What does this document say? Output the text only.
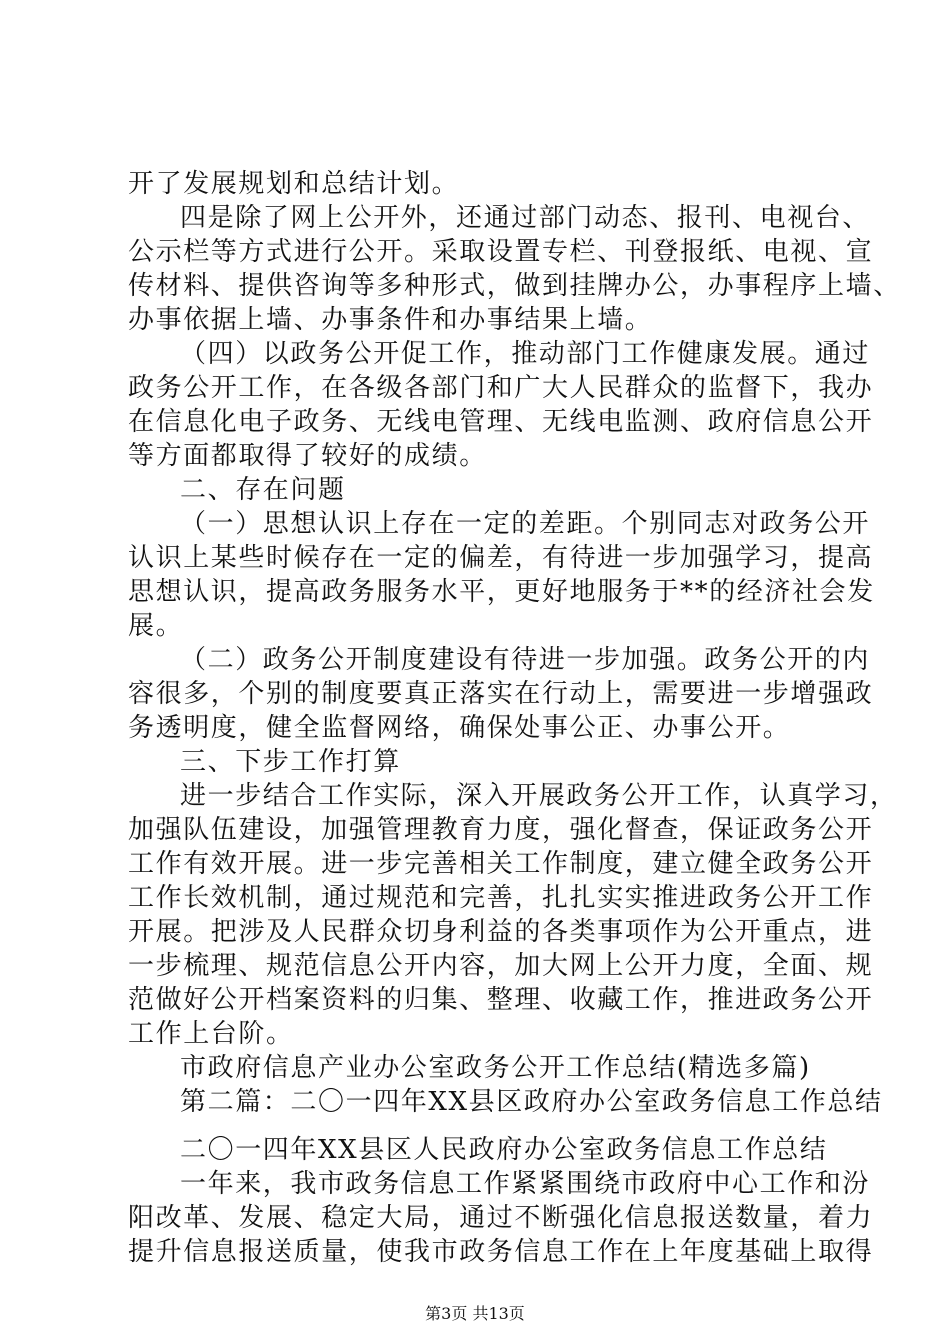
开了发展规划和总结计划。
四是除了网上公开外，还通过部门动态、报刊、电视台、
公示栏等方式进行公开。采取设置专栏、刊登报纸、电视、宣
传材料、提供咨询等多种形式，做到挂牌办公，办事程序上墙、
办事依据上墙、办事条件和办事结果上墙。
（四）以政务公开促工作，推动部门工作健康发展。通过
政务公开工作，在各级各部门和广大人民群众的监督下，我办
在信息化电子政务、无线电管理、无线电监测、政府信息公开
等方面都取得了较好的成绩。
二、存在问题
（一）思想认识上存在一定的差距。个别同志对政务公开
认识上某些时候存在一定的偏差，有待进一步加强学习，提高
思想认识，提高政务服务水平，更好地服务于**的经济社会发
展。
（二）政务公开制度建设有待进一步加强。政务公开的内
容很多，个别的制度要真正落实在行动上，需要进一步增强政
务透明度，健全监督网络，确保处事公正、办事公开。
三、下步工作打算
进一步结合工作实际，深入开展政务公开工作，认真学习，
加强队伍建设，加强管理教育力度，强化督查，保证政务公开
工作有效开展。进一步完善相关工作制度，建立健全政务公开
工作长效机制，通过规范和完善，扎扎实实推进政务公开工作
开展。把涉及人民群众切身利益的各类事项作为公开重点，进
一步梳理、规范信息公开内容，加大网上公开力度，全面、规
范做好公开档案资料的归集、整理、收藏工作，推进政务公开
工作上台阶。
市政府信息产业办公室政务公开工作总结(精选多篇)
第二篇：二〇一四年XX县区政府办公室政务信息工作总结
二〇一四年XX县区人民政府办公室政务信息工作总结
一年来，我市政务信息工作紧紧围绕市政府中心工作和汾
阳改革、发展、稳定大局，通过不断强化信息报送数量，着力
提升信息报送质量，使我市政务信息工作在上年度基础上取得
第3页 共13页
